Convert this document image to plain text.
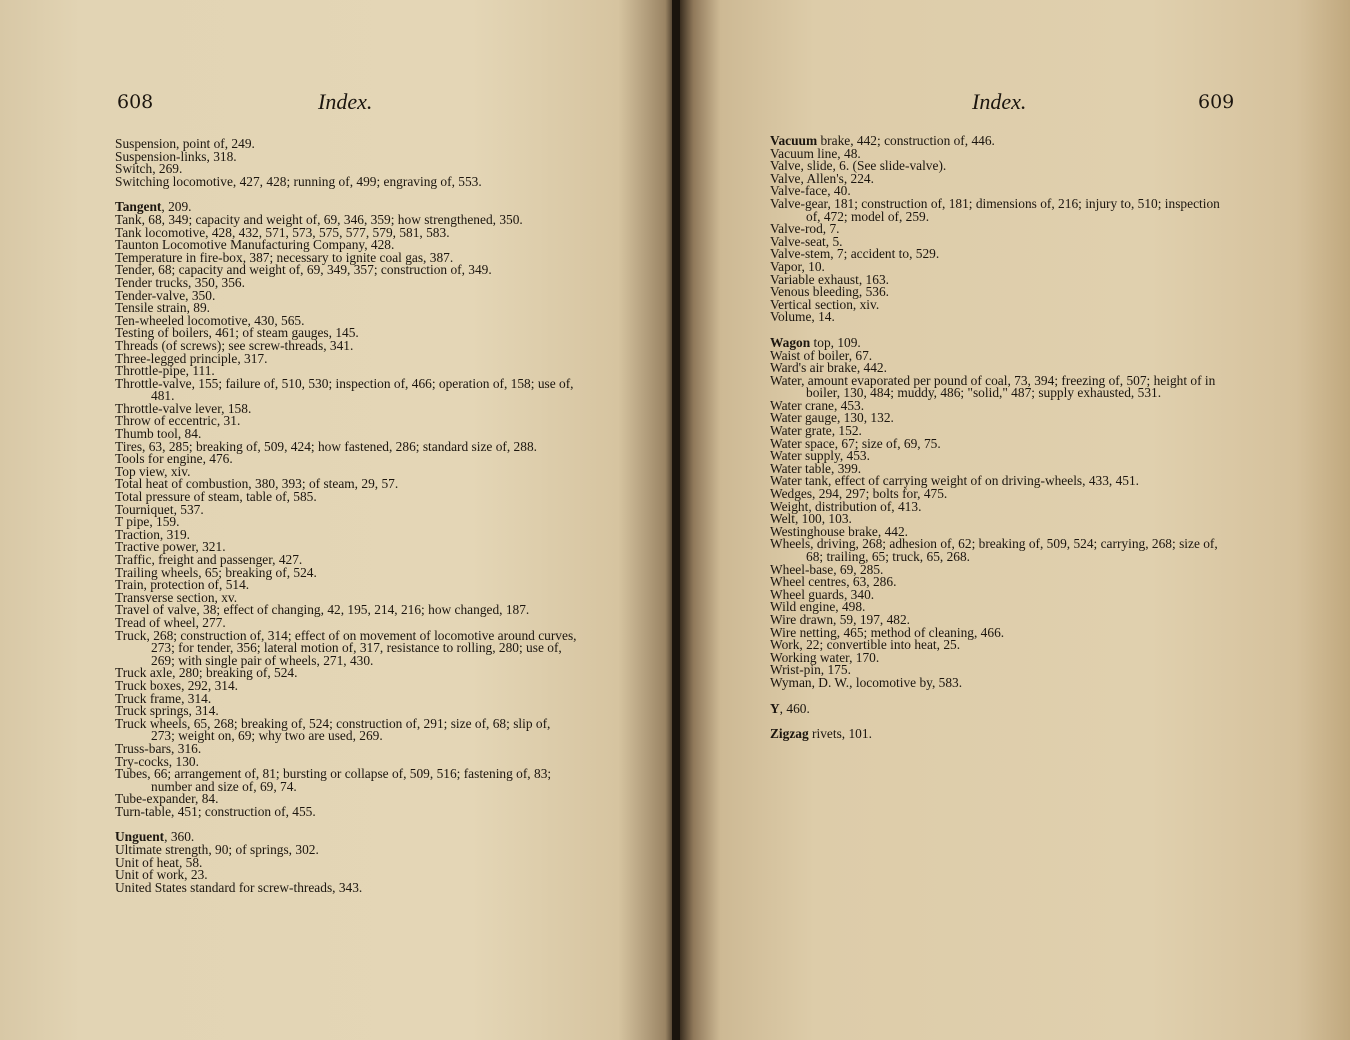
608	Index.

Suspension, point of, 249.

Suspension-links, 318.

Switch, 269.

Switching locomotive, 427, 428; running of, 499; engraving of, 553.

Tangent, 209.

Tank, 68, 349; capacity and weight of, 69, 346, 359; how strengthened, 350.

Tank locomotive, 428, 432, 571, 573, 575, 577, 579, 581, 583.

Taunton Locomotive Manufacturing Company, 428.

Temperature in fire-box, 387; necessary to ignite coal gas, 387.

Tender, 68; capacity and weight of, 69, 349, 357; construction of, 349.

Tender trucks, 350, 356.

Tender-valve, 350.

Tensile strain, 89.

Ten-wheeled locomotive, 430, 565.

Testing of boilers, 461; of steam gauges, 145.

Threads (of screws); see screw-threads, 341.

Three-legged principle, 317.

Throttle-pipe, 111.

Throttle-valve, 155; failure of, 510, 530; inspection of, 466; operation of, 158; use of, 481.

Throttle-valve lever, 158.

Throw of eccentric, 31.

Thumb tool, 84.

Tires, 63, 285; breaking of, 509, 424; how fastened, 286; standard size of, 288.

Tools for engine, 476.

Top view, xiv.

Total heat of combustion, 380, 393; of steam, 29, 57.

Total pressure of steam, table of, 585.

Tourniquet, 537.

T pipe, 159.

Traction, 319.

Tractive power, 321.

Traffic, freight and passenger, 427.

Trailing wheels, 65; breaking of, 524.

Train, protection of, 514.

Transverse section, xv.

Travel of valve, 38; effect of changing, 42, 195, 214, 216; how changed, 187.

Tread of wheel, 277.

Truck, 268; construction of, 314; effect of on movement of locomotive around curves, 273; for tender, 356; lateral motion of, 317, resistance to rolling, 280; use of, 269; with single pair of wheels, 271, 430.

Truck axle, 280; breaking of, 524.

Truck boxes, 292, 314.

Truck frame, 314.

Truck springs, 314.

Truck wheels, 65, 268; breaking of, 524; construction of, 291; size of, 68; slip of, 273; weight on, 69; why two are used, 269.

Truss-bars, 316.

Try-cocks, 130.

Tubes, 66; arrangement of, 81; bursting or collapse of, 509, 516; fastening of, 83; number and size of, 69, 74.

Tube-expander, 84.

Turn-table, 451; construction of, 455.

Unguent, 360.

Ultimate strength, 90; of springs, 302.

Unit of heat, 58.

Unit of work, 23.

United States standard for screw-threads, 343.

Index.	609

Vacuum brake, 442; construction of, 446.

Vacuum line, 48.

Valve, slide, 6. (See slide-valve).

Valve, Allen's, 224.

Valve-face, 40.

Valve-gear, 181; construction of, 181; dimensions of, 216; injury to, 510; inspection of, 472; model of, 259.

Valve-rod, 7.

Valve-seat, 5.

Valve-stem, 7; accident to, 529.

Vapor, 10.

Variable exhaust, 163.

Venous bleeding, 536.

Vertical section, xiv.

Volume, 14.

Wagon top, 109.

Waist of boiler, 67.

Ward's air brake, 442.

Water, amount evaporated per pound of coal, 73, 394; freezing of, 507; height of in boiler, 130, 484; muddy, 486; "solid," 487; supply exhausted, 531.

Water crane, 453.

Water gauge, 130, 132.

Water grate, 152.

Water space, 67; size of, 69, 75.

Water supply, 453.

Water table, 399.

Water tank, effect of carrying weight of on driving-wheels, 433, 451.

Wedges, 294, 297; bolts for, 475.

Weight, distribution of, 413.

Welt, 100, 103.

Westinghouse brake, 442.

Wheels, driving, 268; adhesion of, 62; breaking of, 509, 524; carrying, 268; size of, 68; trailing, 65; truck, 65, 268.

Wheel-base, 69, 285.

Wheel centres, 63, 286.

Wheel guards, 340.

Wild engine, 498.

Wire drawn, 59, 197, 482.

Wire netting, 465; method of cleaning, 466.

Work, 22; convertible into heat, 25.

Working water, 170.

Wrist-pin, 175.

Wyman, D. W., locomotive by, 583.

Y, 460.

Zigzag rivets, 101.
